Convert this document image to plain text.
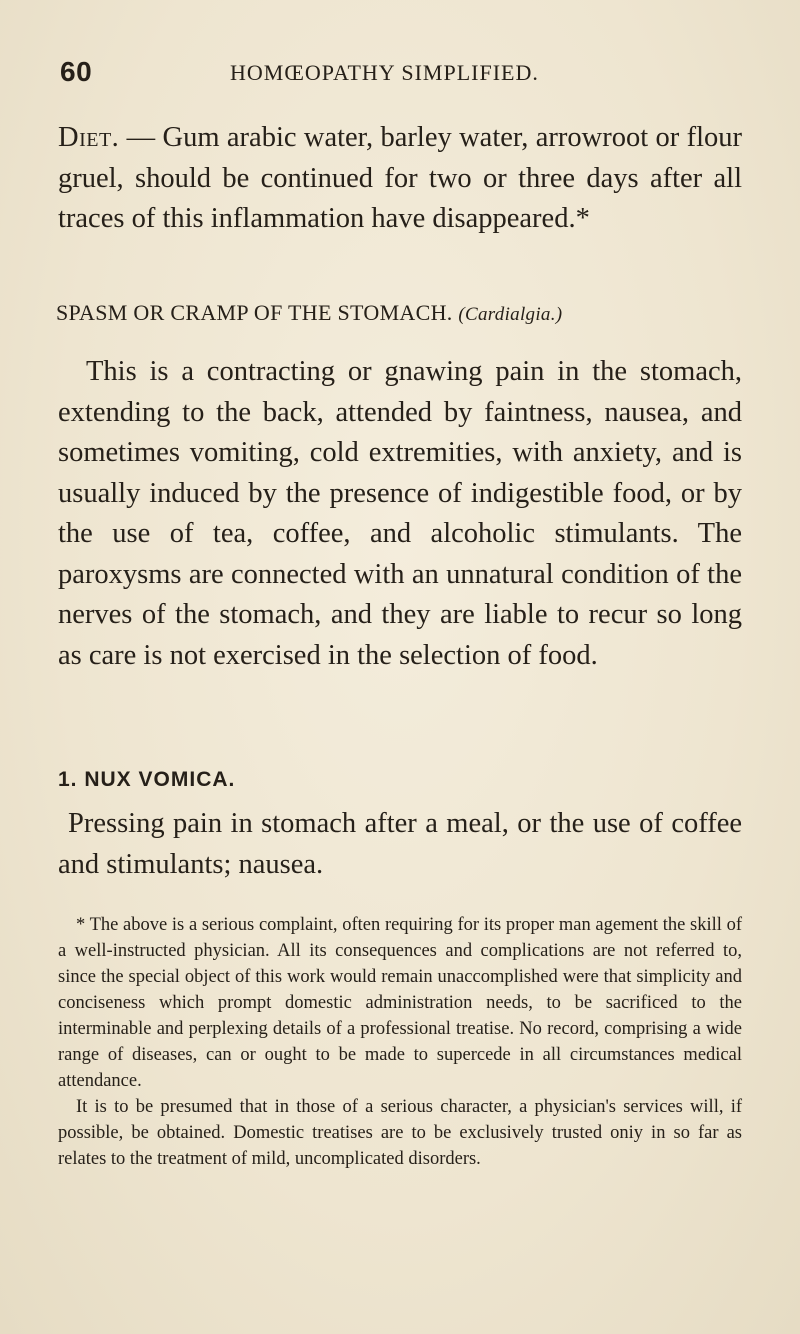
60	HOMŒOPATHY SIMPLIFIED.

Diet. — Gum arabic water, barley water, arrowroot or flour gruel, should be continued for two or three days after all traces of this inflammation have disappeared.*

SPASM OR CRAMP OF THE STOMACH. (Cardialgia.)

This is a contracting or gnawing pain in the stomach, extending to the back, attended by faintness, nausea, and sometimes vomiting, cold extremities, with anxiety, and is usually induced by the presence of indigestible food, or by the use of tea, coffee, and alcoholic stimulants. The paroxysms are connected with an unnatural condition of the nerves of the stomach, and they are liable to recur so long as care is not exercised in the selection of food.

1. NUX VOMICA.

Pressing pain in stomach after a meal, or the use of coffee and stimulants; nausea.

* The above is a serious complaint, often requiring for its proper man agement the skill of a well-instructed physician. All its consequences and complications are not referred to, since the special object of this work would remain unaccomplished were that simplicity and conciseness which prompt domestic administration needs, to be sacrificed to the interminable and perplexing details of a professional treatise. No record, comprising a wide range of diseases, can or ought to be made to supercede in all circumstances medical attendance.

It is to be presumed that in those of a serious character, a physician's services will, if possible, be obtained. Domestic treatises are to be exclusively trusted oniy in so far as relates to the treatment of mild, uncomplicated disorders.
